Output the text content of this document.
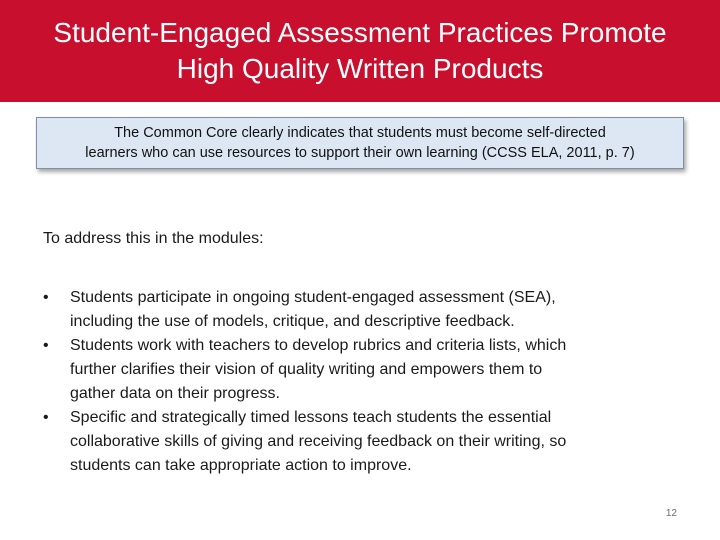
Student-Engaged Assessment Practices Promote
High Quality Written Products
The Common Core clearly indicates that students must become self-directed
learners who can use resources to support their own learning (CCSS ELA, 2011, p. 7)
To address this in the modules:
• Students participate in ongoing student-engaged assessment (SEA),
including the use of models, critique, and descriptive feedback.
• Students work with teachers to develop rubrics and criteria lists, which
further clarifies their vision of quality writing and empowers them to
gather data on their progress.
• Specific and strategically timed lessons teach students the essential
collaborative skills of giving and receiving feedback on their writing, so
students can take appropriate action to improve.
12
